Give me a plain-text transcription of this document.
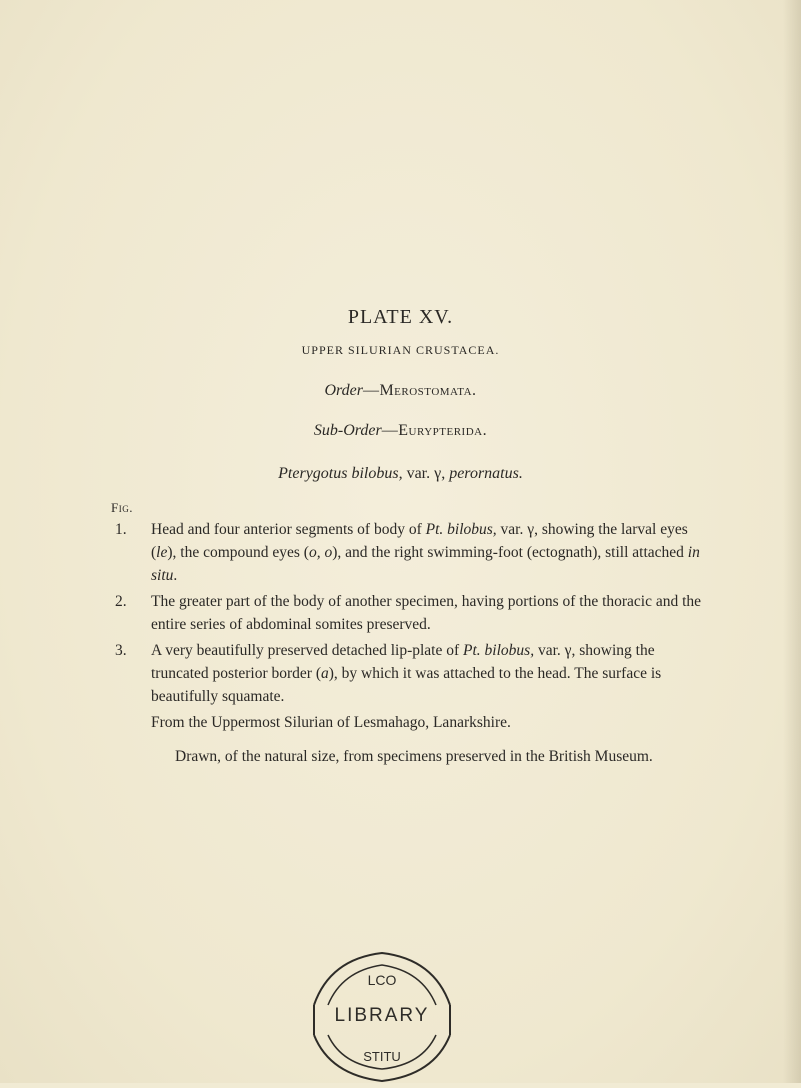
PLATE XV.
UPPER SILURIAN CRUSTACEA.
Order—Merostomata.
Sub-Order—Eurypterida.
Pterygotus bilobus, var. γ, perornatus.
Fig.
1. Head and four anterior segments of body of Pt. bilobus, var. γ, showing the larval eyes (le), the compound eyes (o, o), and the right swimming-foot (ectognath), still attached in situ.
2. The greater part of the body of another specimen, having portions of the thoracic and the entire series of abdominal somites preserved.
3. A very beautifully preserved detached lip-plate of Pt. bilobus, var. γ, showing the truncated posterior border (a), by which it was attached to the head. The surface is beautifully squamate.
From the Uppermost Silurian of Lesmahago, Lanarkshire.
Drawn, of the natural size, from specimens preserved in the British Museum.
LCO
STITU
LIBRARY
